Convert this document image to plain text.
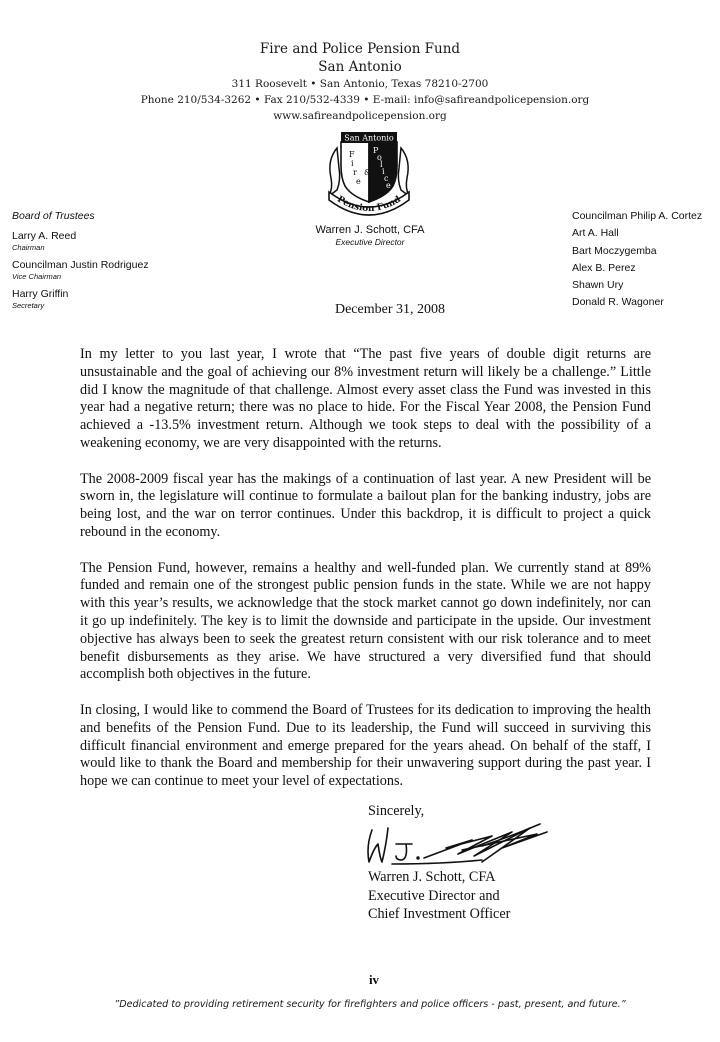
Fire and Police Pension Fund
San Antonio
311 Roosevelt • San Antonio, Texas 78210-2700
Phone 210/534-3262 • Fax 210/532-4339 • E-mail: info@safireandpolicepension.org
www.safireandpolicepension.org
San Antonio
F
i
r
e
&
P
o
l
i
c
e
Pension Fund
Warren J. Schott, CFA
Executive Director
Board of Trustees
Larry A. Reed
Chairman
Councilman Justin Rodriguez
Vice Chairman
Harry Griffin
Secretary
Councilman Philip A. Cortez
Art A. Hall
Bart Moczygemba
Alex B. Perez
Shawn Ury
Donald R. Wagoner
December 31, 2008

In my letter to you last year, I wrote that “The past five years of double digit returns are unsustainable and the goal of achieving our 8% investment return will likely be a challenge.” Little did I know the magnitude of that challenge. Almost every asset class the Fund was invested in this year had a negative return; there was no place to hide. For the Fiscal Year 2008, the Pension Fund achieved a -13.5% investment return. Although we took steps to deal with the possibility of a weakening economy, we are very disappointed with the returns.

The 2008-2009 fiscal year has the makings of a continuation of last year. A new President will be sworn in, the legislature will continue to formulate a bailout plan for the banking industry, jobs are being lost, and the war on terror continues. Under this backdrop, it is difficult to project a quick rebound in the economy.

The Pension Fund, however, remains a healthy and well-funded plan. We currently stand at 89% funded and remain one of the strongest public pension funds in the state. While we are not happy with this year’s results, we acknowledge that the stock market cannot go down indefinitely, nor can it go up indefinitely. The key is to limit the downside and participate in the upside. Our investment objective has always been to seek the greatest return consistent with our risk tolerance and to meet benefit disbursements as they arise. We have structured a very diversified fund that should accomplish both objectives in the future.

In closing, I would like to commend the Board of Trustees for its dedication to improving the health and benefits of the Pension Fund. Due to its leadership, the Fund will succeed in surviving this difficult financial environment and emerge prepared for the years ahead. On behalf of the staff, I would like to thank the Board and membership for their unwavering support during the past year. I hope we can continue to meet your level of expectations.

Sincerely,
Warren J. Schott, CFA
Executive Director and
Chief Investment Officer
iv
”Dedicated to providing retirement security for firefighters and police officers - past, present, and future.”
